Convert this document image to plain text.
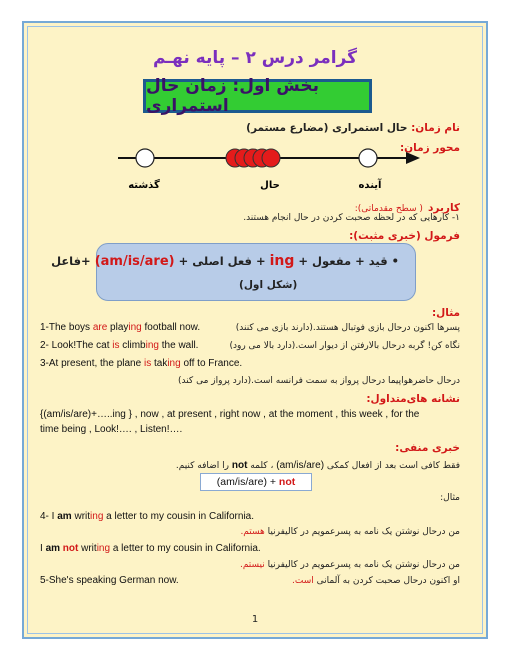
گرامر درس ۲ – پایه نهـم
بخش اول: زمان حال استمراری
نام زمان: حال استمراری (مضارع مستمر)
محور زمان:
گذشته	حال	آینده
کاربرد ( سطح مقدماتی):
۱- کارهایی که در لحظه صحبت کردن در حال انجام هستند.
فرمول (خبری مثبت):
• قید + مفعول + ing + فعل اصلی + (am/is/are) +فاعل
(شکل اول)
مثال:
1-The boys are playing football now.	پسرها اکنون درحال بازی فوتبال هستند.(دارند بازی می کنند)
2- Look!The cat is climbing the wall.	نگاه کن! گربه درحال بالارفتن از دیوار است.(دارد بالا می رود)
3-At present, the plane is taking off to France.
درحال حاضرهواپیما درحال پرواز به سمت فرانسه است.(دارد پرواز می کند)
نشانه های‌متداول:
{(am/is/are)+…..ing } , now , at present , right now , at the moment , this week , for the
time being , Look!…. , Listen!….
خبری منفی:
فقط کافی است بعد از افعال کمکی (am/is/are) ، کلمه not را اضافه کنیم.
(am/is/are) + not
مثال:
4- I am writing a letter to my cousin in California.
من درحال نوشتن یک نامه به پسرعمویم در کالیفرنیا هستم.
I am not writing a letter to my cousin in California.
من درحال نوشتن یک نامه به پسرعمویم در کالیفرنیا نیستم.
5-She's speaking German now.	او اکنون درحال صحبت کردن به آلمانی است.
1
